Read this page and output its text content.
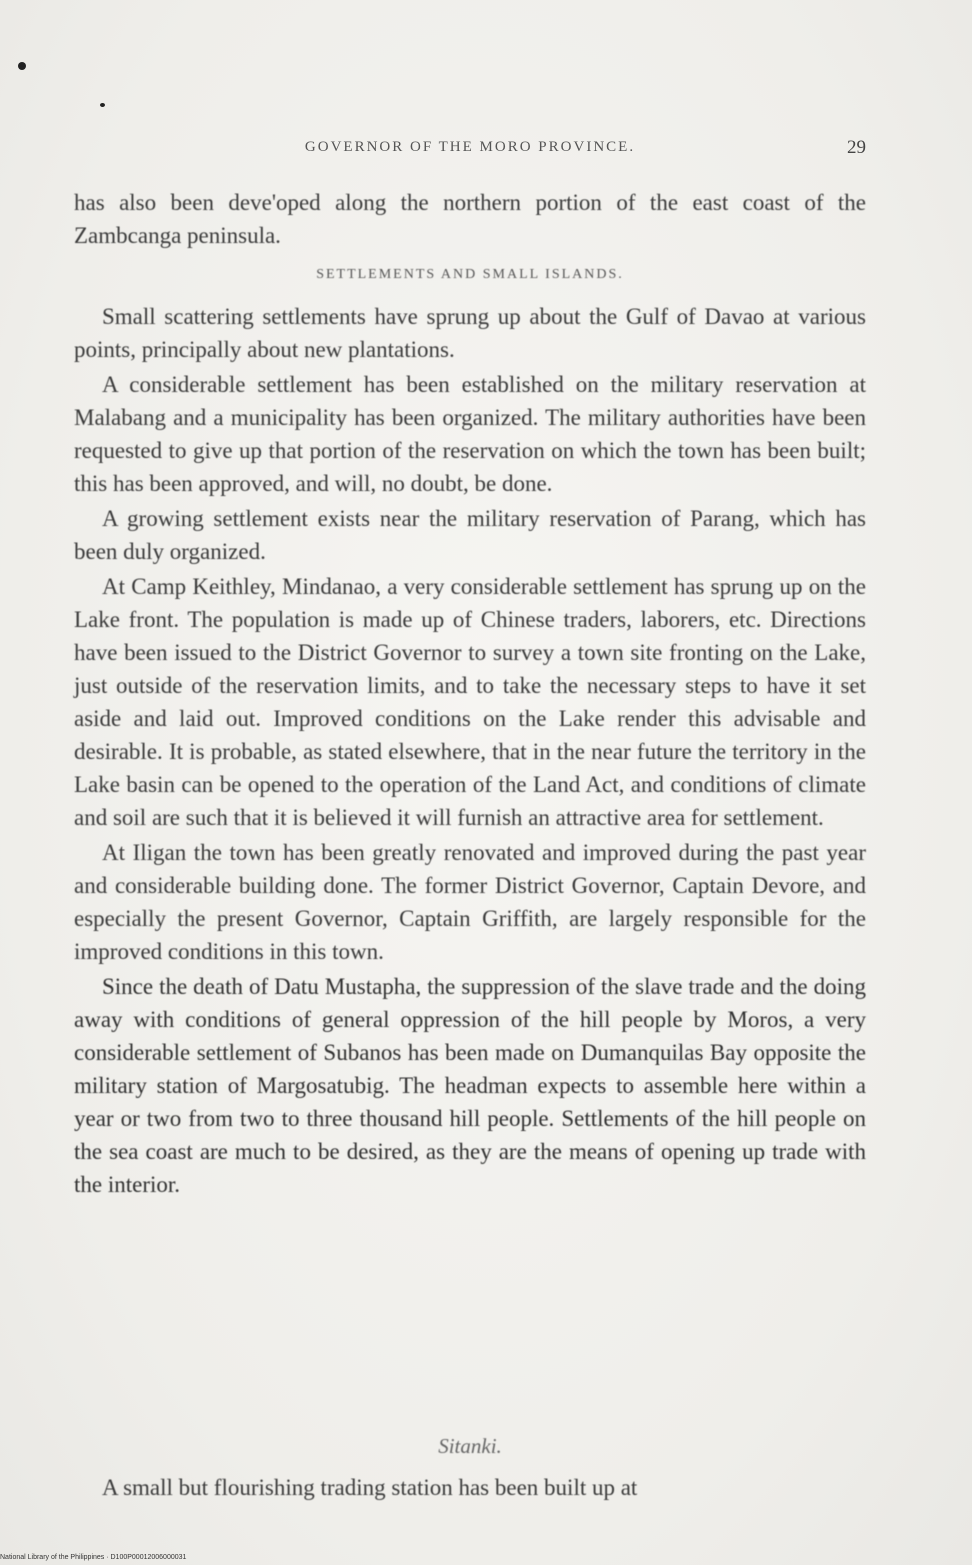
GOVERNOR OF THE MORO PROVINCE.	29

has also been deve'oped along the northern portion of the east coast of the Zambcanga peninsula.

SETTLEMENTS AND SMALL ISLANDS.

Small scattering settlements have sprung up about the Gulf of Davao at various points, principally about new plantations.

A considerable settlement has been established on the military reservation at Malabang and a municipality has been organized. The military authorities have been requested to give up that portion of the reservation on which the town has been built; this has been approved, and will, no doubt, be done.

A growing settlement exists near the military reservation of Parang, which has been duly organized.

At Camp Keithley, Mindanao, a very considerable settlement has sprung up on the Lake front. The population is made up of Chinese traders, laborers, etc. Directions have been issued to the District Governor to survey a town site fronting on the Lake, just outside of the reservation limits, and to take the necessary steps to have it set aside and laid out. Improved conditions on the Lake render this advisable and desirable. It is probable, as stated elsewhere, that in the near future the territory in the Lake basin can be opened to the operation of the Land Act, and conditions of climate and soil are such that it is believed it will furnish an attractive area for settlement.

At Iligan the town has been greatly renovated and improved during the past year and considerable building done. The former District Governor, Captain Devore, and especially the present Governor, Captain Griffith, are largely responsible for the improved conditions in this town.

Since the death of Datu Mustapha, the suppression of the slave trade and the doing away with conditions of general oppression of the hill people by Moros, a very considerable settlement of Subanos has been made on Dumanquilas Bay opposite the military station of Margosatubig. The headman expects to assemble here within a year or two from two to three thousand hill people. Settlements of the hill people on the sea coast are much to be desired, as they are the means of opening up trade with the interior.

Sitanki.

A small but flourishing trading station has been built up at

National Library of the Philippines · D100P00012006000031
